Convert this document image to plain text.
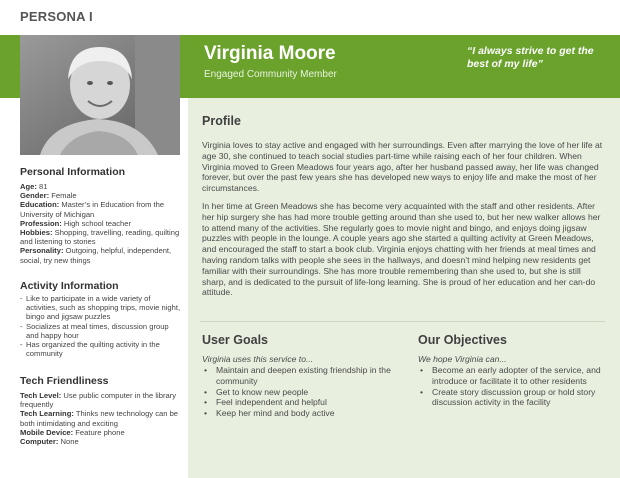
PERSONA I
Virginia Moore
Engaged Community Member
“I always strive to get the best of my life”
Personal Information
Age: 81
Gender: Female
Education: Master’s in Education from the University of Michigan
Profession: High school teacher
Hobbies: Shopping, travelling, reading, quilting and listening to stories
Personality: Outgoing, helpful, independent, social, try new things
Activity Information
- Like to participate in a wide variety of activities, such as shopping trips, movie night, bingo and jigsaw puzzles
- Socializes at meal times, discussion group and happy hour
- Has organized the quilting activity in the community
Tech Friendliness
Tech Level: Use public computer in the library frequently
Tech Learning: Thinks new technology can be both intimidating and exciting
Mobile Device: Feature phone
Computer: None
Profile
Virginia loves to stay active and engaged with her surroundings. Even after marrying the love of her life at age 30, she continued to teach social studies part-time while raising each of her four children. When Virginia moved to Green Meadows four years ago, after her husband passed away, her life was changed forever, but over the past few years she has developed new ways to enjoy life and make the most of her circumstances.
In her time at Green Meadows she has become very acquainted with the staff and other residents. After her hip surgery she has had more trouble getting around than she used to, but her new walker allows her to attend many of the activities. She regularly goes to movie night and bingo, and enjoys doing jigsaw puzzles with people in the lounge. A couple years ago she started a quilting activity at Green Meadows, and encouraged the staff to start a book club. Virginia enjoys chatting with her friends at meal times and having random talks with people she sees in the hallways, and doesn’t mind helping new residents get familiar with their surroundings. She has more trouble remembering than she used to, but she is still sharp, and is dedicated to the pursuit of life-long learning. She is proud of her education and her can-do attitude.
User Goals
Virginia uses this service to...
• Maintain and deepen existing friendship in the community
• Get to know new people
• Feel independent and helpful
• Keep her mind and body active
Our Objectives
We hope Virginia can...
• Become an early adopter of the service, and introduce or facilitate it to other residents
• Create story discussion group or hold story discussion activity in the facility
